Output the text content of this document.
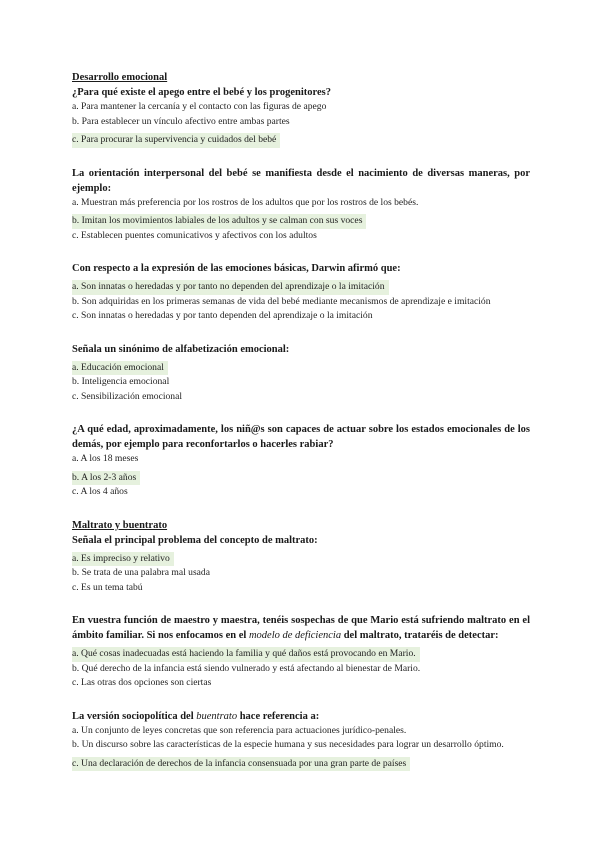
Desarrollo emocional

¿Para qué existe el apego entre el bebé y los progenitores?

a. Para mantener la cercanía y el contacto con las figuras de apego

b. Para establecer un vínculo afectivo entre ambas partes

c. Para procurar la supervivencia y cuidados del bebé

La orientación interpersonal del bebé se manifiesta desde el nacimiento de diversas maneras, por ejemplo:

a. Muestran más preferencia por los rostros de los adultos que por los rostros de los bebés.

b. Imitan los movimientos labiales de los adultos y se calman con sus voces

c. Establecen puentes comunicativos y afectivos con los adultos

Con respecto a la expresión de las emociones básicas, Darwin afirmó que:

a. Son innatas o heredadas y por tanto no dependen del aprendizaje o la imitación

b. Son adquiridas en los primeras semanas de vida del bebé mediante mecanismos de aprendizaje e imitación

c. Son innatas o heredadas y por tanto dependen del aprendizaje o la imitación

Señala un sinónimo de alfabetización emocional:

a. Educación emocional

b. Inteligencia emocional

c. Sensibilización emocional

¿A qué edad, aproximadamente, los niñ@s son capaces de actuar sobre los estados emocionales de los demás, por ejemplo para reconfortarlos o hacerles rabiar?

a. A los 18 meses

b. A los 2-3 años

c. A los 4 años

Maltrato y buentrato

Señala el principal problema del concepto de maltrato:

a. Es impreciso y relativo

b. Se trata de una palabra mal usada

c. Es un tema tabú

En vuestra función de maestro y maestra, tenéis sospechas de que Mario está sufriendo maltrato en el ámbito familiar. Si nos enfocamos en el modelo de deficiencia del maltrato, trataréis de detectar:

a. Qué cosas inadecuadas está haciendo la familia y qué daños está provocando en Mario.

b. Qué derecho de la infancia está siendo vulnerado y está afectando al bienestar de Mario.

c. Las otras dos opciones son ciertas

La versión sociopolítica del buentrato hace referencia a:

a. Un conjunto de leyes concretas que son referencia para actuaciones jurídico-penales.

b. Un discurso sobre las características de la especie humana y sus necesidades para lograr un desarrollo óptimo.

c. Una declaración de derechos de la infancia consensuada por una gran parte de países
